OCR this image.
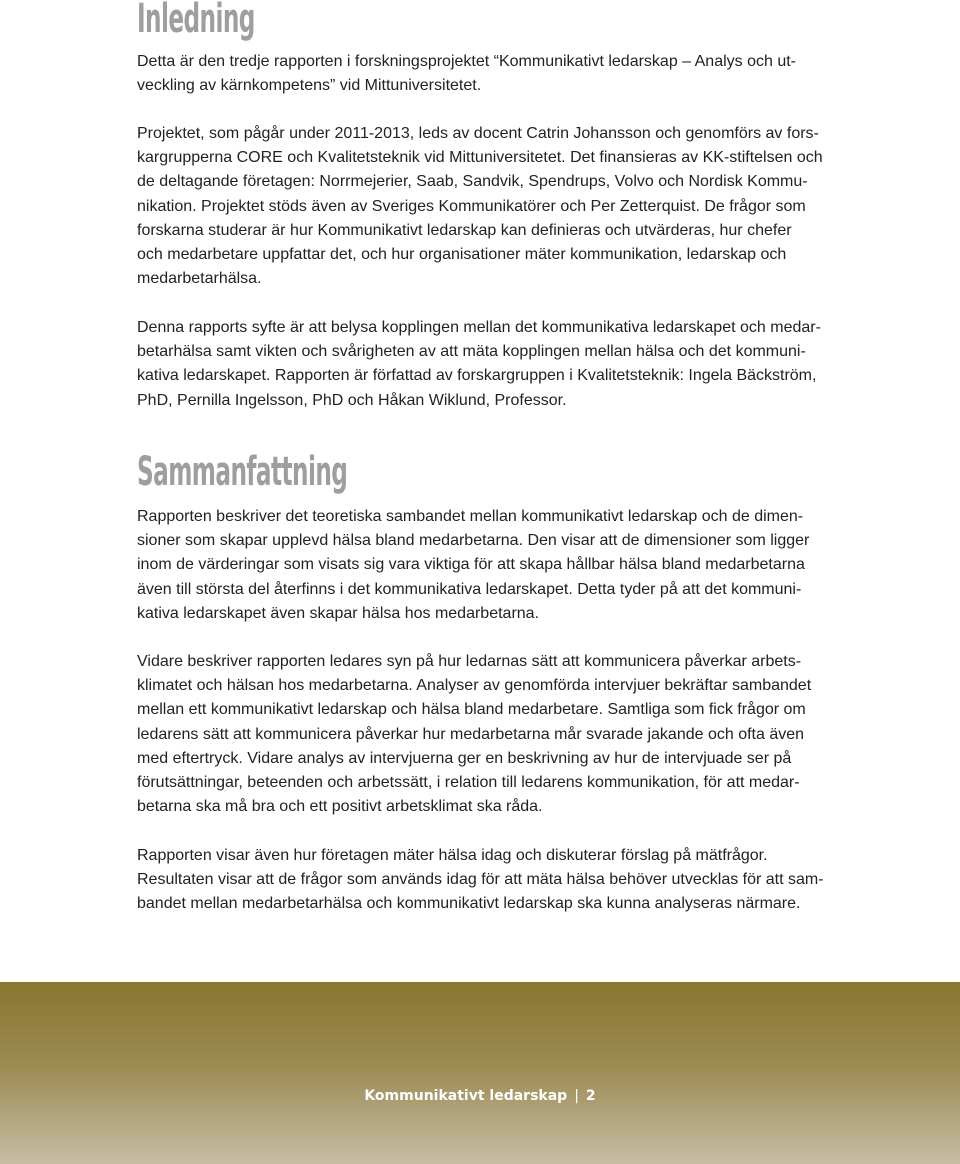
Inledning
Detta är den tredje rapporten i forskningsprojektet “Kommunikativt ledarskap – Analys och ut-
veckling av kärnkompetens” vid Mittuniversitetet.
Projektet, som pågår under 2011-2013, leds av docent Catrin Johansson och genomförs av fors-
kargrupperna CORE och Kvalitetsteknik vid Mittuniversitetet. Det finansieras av KK-stiftelsen och
de deltagande företagen: Norrmejerier, Saab, Sandvik, Spendrups, Volvo och Nordisk Kommu-
nikation. Projektet stöds även av Sveriges Kommunikatörer och Per Zetterquist. De frågor som
forskarna studerar är hur Kommunikativt ledarskap kan definieras och utvärderas, hur chefer
och medarbetare uppfattar det, och hur organisationer mäter kommunikation, ledarskap och
medarbetarhälsa.
Denna rapports syfte är att belysa kopplingen mellan det kommunikativa ledarskapet och medar-
betarhälsa samt vikten och svårigheten av att mäta kopplingen mellan hälsa och det kommuni-
kativa ledarskapet. Rapporten är författad av forskargruppen i Kvalitetsteknik: Ingela Bäckström,
PhD, Pernilla Ingelsson, PhD och Håkan Wiklund, Professor.
Sammanfattning
Rapporten beskriver det teoretiska sambandet mellan kommunikativt ledarskap och de dimen-
sioner som skapar upplevd hälsa bland medarbetarna. Den visar att de dimensioner som ligger
inom de värderingar som visats sig vara viktiga för att skapa hållbar hälsa bland medarbetarna
även till största del återfinns i det kommunikativa ledarskapet. Detta tyder på att det kommuni-
kativa ledarskapet även skapar hälsa hos medarbetarna.
Vidare beskriver rapporten ledares syn på hur ledarnas sätt att kommunicera påverkar arbets-
klimatet och hälsan hos medarbetarna. Analyser av genomförda intervjuer bekräftar sambandet
mellan ett kommunikativt ledarskap och hälsa bland medarbetare. Samtliga som fick frågor om
ledarens sätt att kommunicera påverkar hur medarbetarna mår svarade jakande och ofta även
med eftertryck. Vidare analys av intervjuerna ger en beskrivning av hur de intervjuade ser på
förutsättningar, beteenden och arbetssätt, i relation till ledarens kommunikation, för att medar-
betarna ska må bra och ett positivt arbetsklimat ska råda.
Rapporten visar även hur företagen mäter hälsa idag och diskuterar förslag på mätfrågor.
Resultaten visar att de frågor som används idag för att mäta hälsa behöver utvecklas för att sam-
bandet mellan medarbetarhälsa och kommunikativt ledarskap ska kunna analyseras närmare.
Kommunikativt ledarskap | 2
